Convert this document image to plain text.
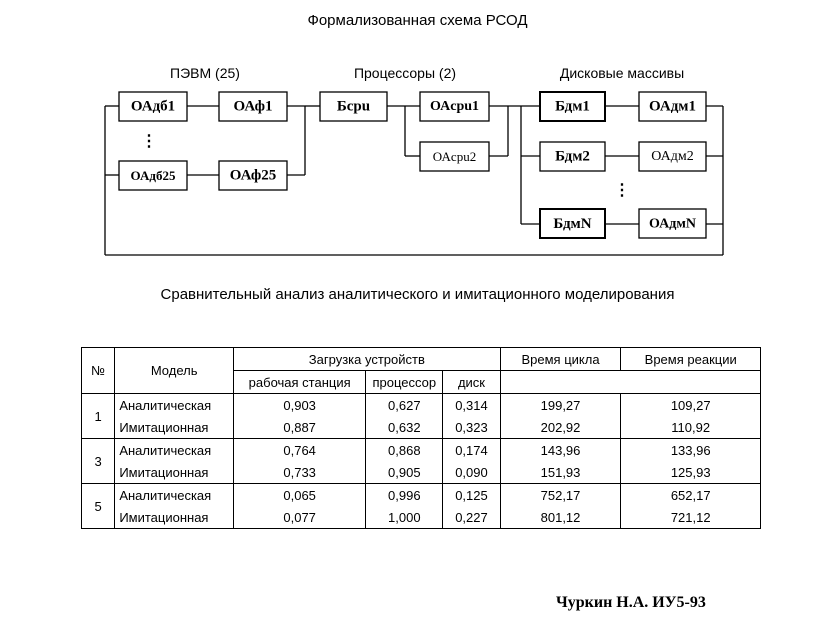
Формализованная схема РСОД
ПЭВМ (25)	Процессоры (2)	Дисковые массивы
ОАдб1	ОАф1
⋮
ОАдб25	ОАф25
Бcpu	ОАcpu1
ОАcpu2
Бдм1	ОАдм1
Бдм2	ОАдм2
⋮
БдмN	ОАдмN
Сравнительный анализ аналитического и имитационного моделирования
№	Модель	Загрузка устройств			Время цикла	Время реакции
		рабочая станция	процессор	диск		
1	Аналитическая	0,903	0,627	0,314	199,27	109,27
	Имитационная	0,887	0,632	0,323	202,92	110,92
3	Аналитическая	0,764	0,868	0,174	143,96	133,96
	Имитационная	0,733	0,905	0,090	151,93	125,93
5	Аналитическая	0,065	0,996	0,125	752,17	652,17
	Имитационная	0,077	1,000	0,227	801,12	721,12
Чуркин Н.А. ИУ5-93
